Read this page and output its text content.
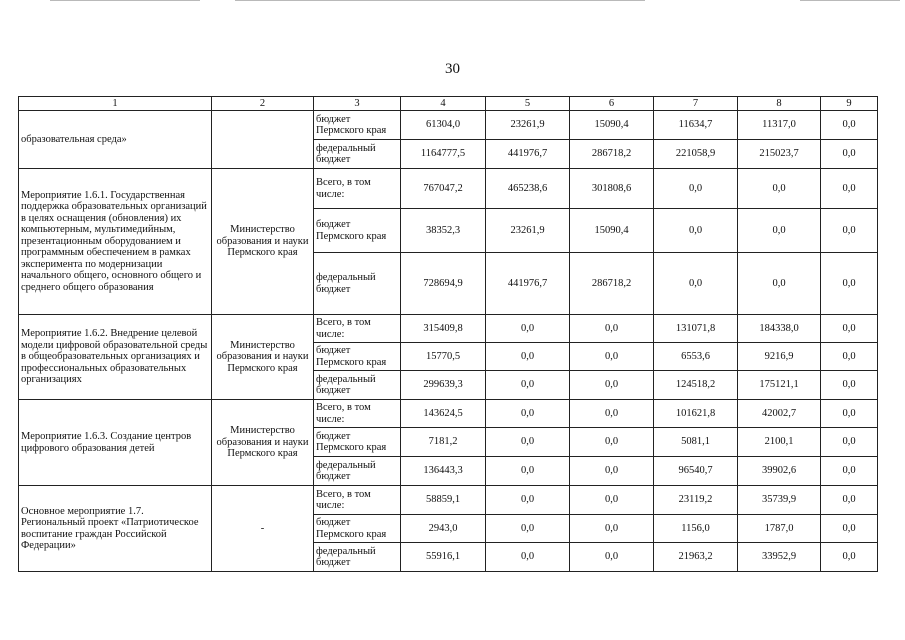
30
1	2	3	4	5	6	7	8	9
образовательная среда»		бюджет Пермского края	61304,0	23261,9	15090,4	11634,7	11317,0	0,0
		федеральный бюджет	1164777,5	441976,7	286718,2	221058,9	215023,7	0,0
Мероприятие 1.6.1. Государственная поддержка образовательных организаций в целях оснащения (обновления) их компьютерным, мультимедийным, презентационным оборудованием и программным обеспечением в рамках эксперимента по модернизации начального общего, основного общего и среднего общего образования	Министерство образования и науки Пермского края	Всего, в том числе:	767047,2	465238,6	301808,6	0,0	0,0	0,0
		бюджет Пермского края	38352,3	23261,9	15090,4	0,0	0,0	0,0
		федеральный бюджет	728694,9	441976,7	286718,2	0,0	0,0	0,0
Мероприятие 1.6.2. Внедрение целевой модели цифровой образовательной среды в общеобразовательных организациях и профессиональных образовательных организациях	Министерство образования и науки Пермского края	Всего, в том числе:	315409,8	0,0	0,0	131071,8	184338,0	0,0
		бюджет Пермского края	15770,5	0,0	0,0	6553,6	9216,9	0,0
		федеральный бюджет	299639,3	0,0	0,0	124518,2	175121,1	0,0
Мероприятие 1.6.3. Создание центров цифрового образования детей	Министерство образования и науки Пермского края	Всего, в том числе:	143624,5	0,0	0,0	101621,8	42002,7	0,0
		бюджет Пермского края	7181,2	0,0	0,0	5081,1	2100,1	0,0
		федеральный бюджет	136443,3	0,0	0,0	96540,7	39902,6	0,0
Основное мероприятие 1.7. Региональный проект «Патриотическое воспитание граждан Российской Федерации»	-	Всего, в том числе:	58859,1	0,0	0,0	23119,2	35739,9	0,0
		бюджет Пермского края	2943,0	0,0	0,0	1156,0	1787,0	0,0
		федеральный бюджет	55916,1	0,0	0,0	21963,2	33952,9	0,0
